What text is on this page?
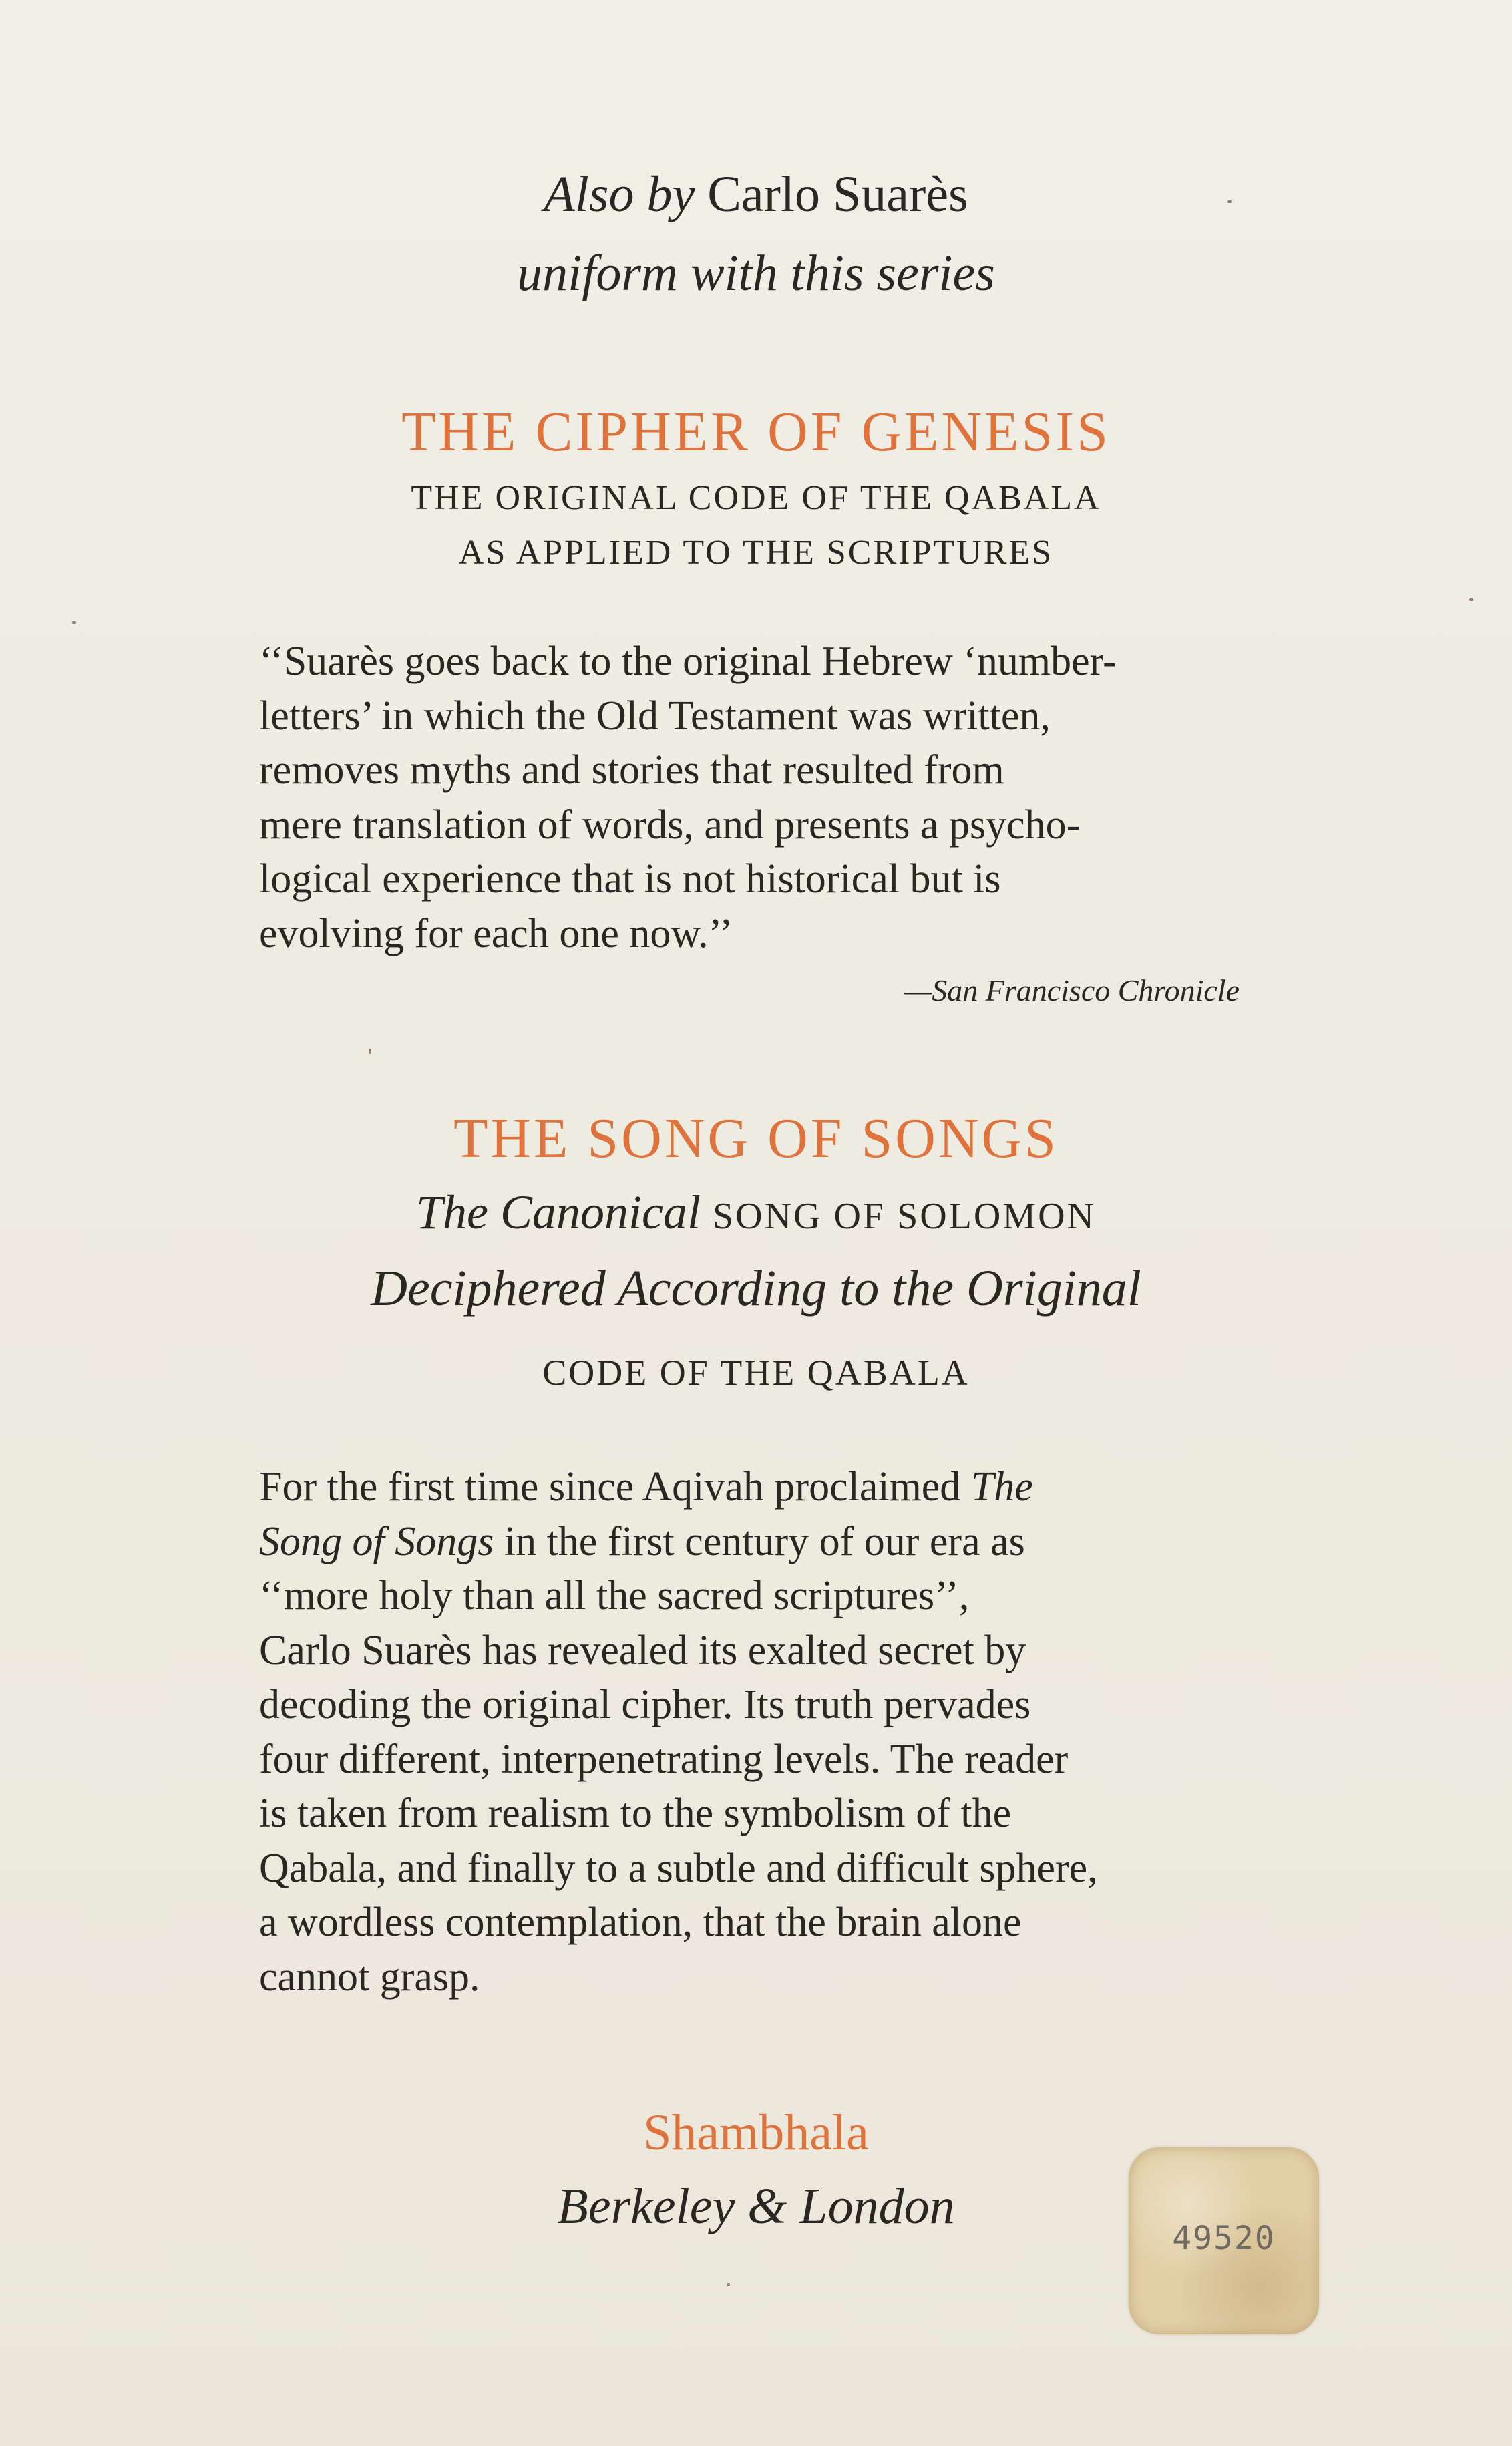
Also by Carlo Suarès
uniform with this series
THE CIPHER OF GENESIS
THE ORIGINAL CODE OF THE QABALA
AS APPLIED TO THE SCRIPTURES

‘‘Suarès goes back to the original Hebrew ‘number-

letters’ in which the Old Testament was written,

removes myths and stories that resulted from

mere translation of words, and presents a psycho-

logical experience that is not historical but is

evolving for each one now.’’

—San Francisco Chronicle
THE SONG OF SONGS
The Canonical SONG OF SOLOMON
Deciphered According to the Original
CODE OF THE QABALA

For the first time since Aqivah proclaimed The

Song of Songs in the first century of our era as

‘‘more holy than all the sacred scriptures’’,

Carlo Suarès has revealed its exalted secret by

decoding the original cipher. Its truth pervades

four different, interpenetrating levels. The reader

is taken from realism to the symbolism of the

Qabala, and finally to a subtle and difficult sphere,

a wordless contemplation, that the brain alone

cannot grasp.

Shambhala
Berkeley & London
49520
